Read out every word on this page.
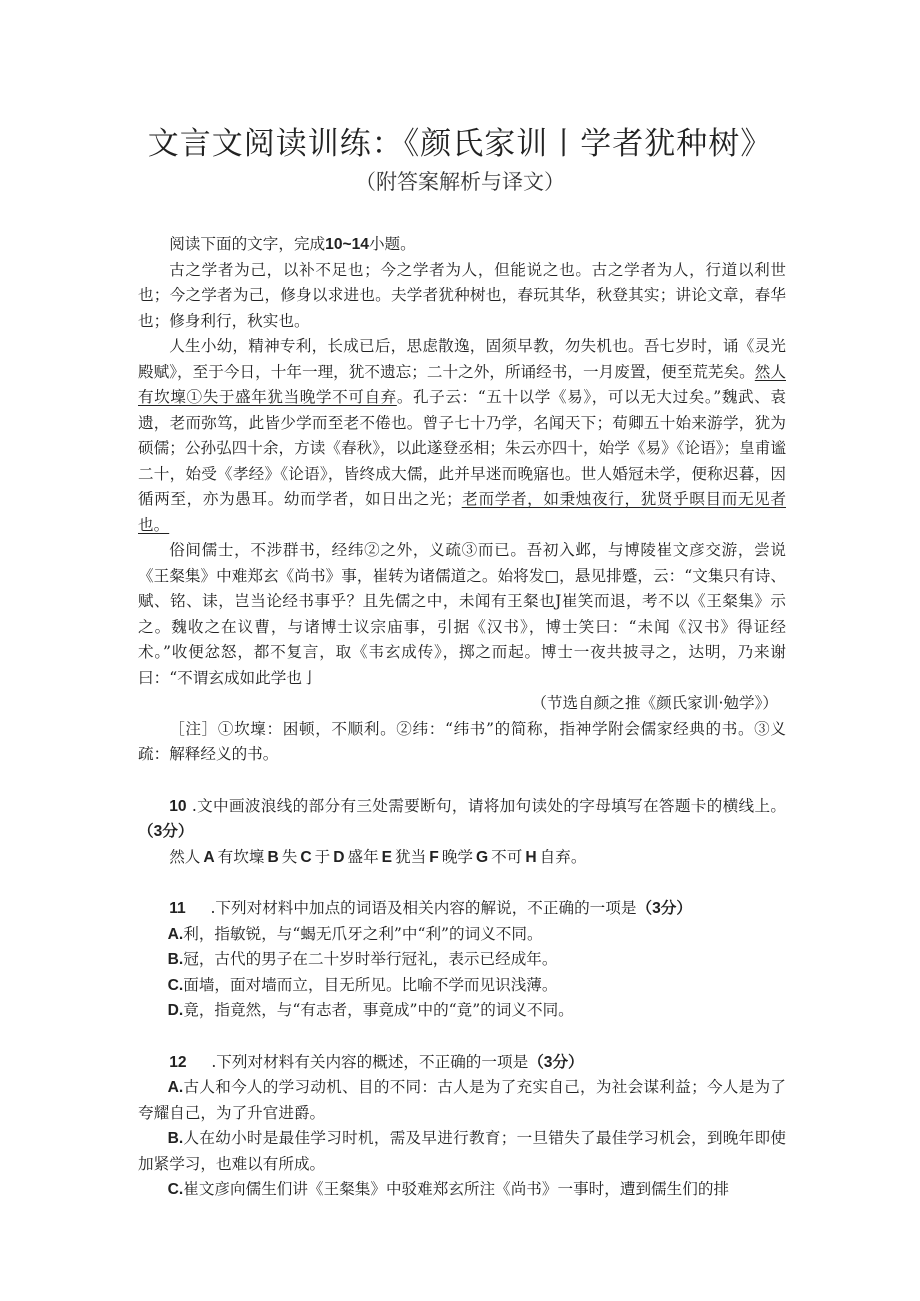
文言文阅读训练：《颜氏家训丨学者犹种树》
（附答案解析与译文）

阅读下面的文字，完成10~14小题。

古之学者为己，以补不足也；今之学者为人，但能说之也。古之学者为人，行道以利世也；今之学者为己，修身以求进也。夫学者犹种树也，春玩其华，秋登其实；讲论文章，春华也；修身利行，秋实也。

人生小幼，精神专利，长成已后，思虑散逸，固须早教，勿失机也。吾七岁时，诵《灵光殿赋》，至于今日，十年一理，犹不遗忘；二十之外，所诵经书，一月废置，便至荒芜矣。然人有坎壈①失于盛年犹当晚学不可自弃。孔子云：“五十以学《易》，可以无大过矣。”魏武、袁遗，老而弥笃，此皆少学而至老不倦也。曾子七十乃学，名闻天下；荀卿五十始来游学，犹为硕儒；公孙弘四十余，方读《春秋》，以此遂登丞相；朱云亦四十，始学《易》《论语》；皇甫谧二十，始受《孝经》《论语》，皆终成大儒，此并早迷而晚寤也。世人婚冠未学，便称迟暮，因循两至，亦为愚耳。幼而学者，如日出之光；老而学者，如秉烛夜行，犹贤乎暝目而无见者也。

俗间儒士，不涉群书，经纬②之外，义疏③而已。吾初入邺，与博陵崔文彦交游，尝说《王粲集》中难郑玄《尚书》事，崔转为诸儒道之。始将发□，悬见排蹙，云：“文集只有诗、赋、铭、诔，岂当论经书事乎？且先儒之中，未闻有王粲也J崔笑而退，考不以《王粲集》示之。魏收之在议曹，与诸博士议宗庙事，引据《汉书》，博士笑曰：“未闻《汉书》得证经术。”收便忿怒，都不复言，取《韦玄成传》，掷之而起。博士一夜共披寻之，达明，乃来谢曰：“不谓玄成如此学也亅

（节选自颜之推《颜氏家训·勉学》）

［注］①坎壈：困顿，不顺利。②纬：“纬书”的简称，指神学附会儒家经典的书。③义疏：解释经义的书。

10 .文中画波浪线的部分有三处需要断句，请将加句读处的字母填写在答题卡的横线上。（3分）

然人 A 有坎壈 B 失 C 于 D 盛年 E 犹当 F 晚学 G 不可 H 自弃。

11 .下列对材料中加点的词语及相关内容的解说，不正确的一项是（3分）

A.利，指敏锐，与“蝎无爪牙之利”中“利”的词义不同。

B.冠，古代的男子在二十岁时举行冠礼，表示已经成年。

C.面墙，面对墙而立，目无所见。比喻不学而见识浅薄。

D.竟，指竟然，与“有志者，事竟成”中的“竟”的词义不同。

12 .下列对材料有关内容的概述，不正确的一项是（3分）

A.古人和今人的学习动机、目的不同：古人是为了充实自己，为社会谋利益；今人是为了夸耀自己，为了升官进爵。

B.人在幼小时是最佳学习时机，需及早进行教育；一旦错失了最佳学习机会，到晚年即使加紧学习，也难以有所成。

C.崔文彦向儒生们讲《王粲集》中驳难郑玄所注《尚书》一事时，遭到儒生们的排
